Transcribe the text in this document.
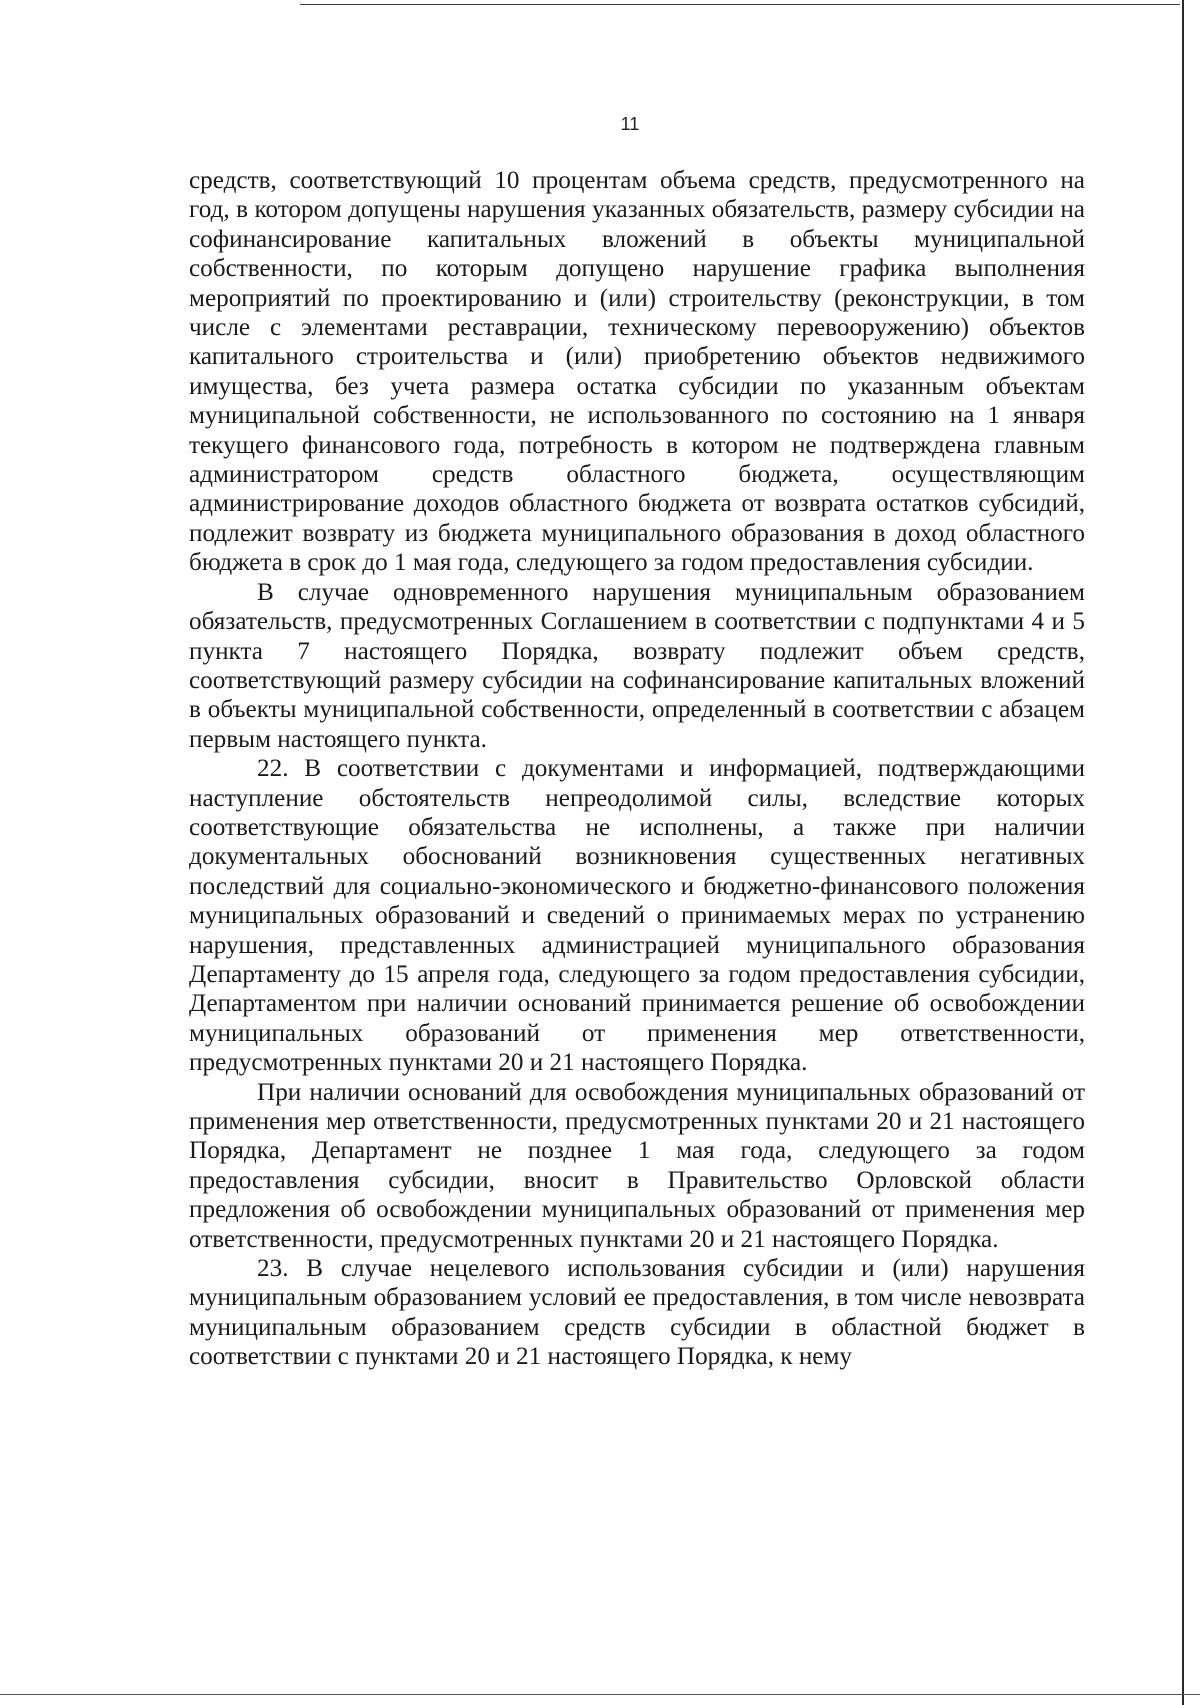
11

средств, соответствующий 10 процентам объема средств, предусмотренного на год, в котором допущены нарушения указанных обязательств, размеру субсидии на софинансирование капитальных вложений в объекты муниципальной собственности, по которым допущено нарушение графика выполнения мероприятий по проектированию и (или) строительству (реконструкции, в том числе с элементами реставрации, техническому перевооружению) объектов капитального строительства и (или) приобретению объектов недвижимого имущества, без учета размера остатка субсидии по указанным объектам муниципальной собственности, не использованного по состоянию на 1 января текущего финансового года, потребность в котором не подтверждена главным администратором средств областного бюджета, осуществляющим администрирование доходов областного бюджета от возврата остатков субсидий, подлежит возврату из бюджета муниципального образования в доход областного бюджета в срок до 1 мая года, следующего за годом предоставления субсидии.

В случае одновременного нарушения муниципальным образованием обязательств, предусмотренных Соглашением в соответствии с подпунктами 4 и 5 пункта 7 настоящего Порядка, возврату подлежит объем средств, соответствующий размеру субсидии на софинансирование капитальных вложений в объекты муниципальной собственности, определенный в соответствии с абзацем первым настоящего пункта.

22. В соответствии с документами и информацией, подтверждающими наступление обстоятельств непреодолимой силы, вследствие которых соответствующие обязательства не исполнены, а также при наличии документальных обоснований возникновения существенных негативных последствий для социально-экономического и бюджетно-финансового положения муниципальных образований и сведений о принимаемых мерах по устранению нарушения, представленных администрацией муниципального образования Департаменту до 15 апреля года, следующего за годом предоставления субсидии, Департаментом при наличии оснований принимается решение об освобождении муниципальных образований от применения мер ответственности, предусмотренных пунктами 20 и 21 настоящего Порядка.

При наличии оснований для освобождения муниципальных образований от применения мер ответственности, предусмотренных пунктами 20 и 21 настоящего Порядка, Департамент не позднее 1 мая года, следующего за годом предоставления субсидии, вносит в Правительство Орловской области предложения об освобождении муниципальных образований от применения мер ответственности, предусмотренных пунктами 20 и 21 настоящего Порядка.

23. В случае нецелевого использования субсидии и (или) нарушения муниципальным образованием условий ее предоставления, в том числе невозврата муниципальным образованием средств субсидии в областной бюджет в соответствии с пунктами 20 и 21 настоящего Порядка, к нему
